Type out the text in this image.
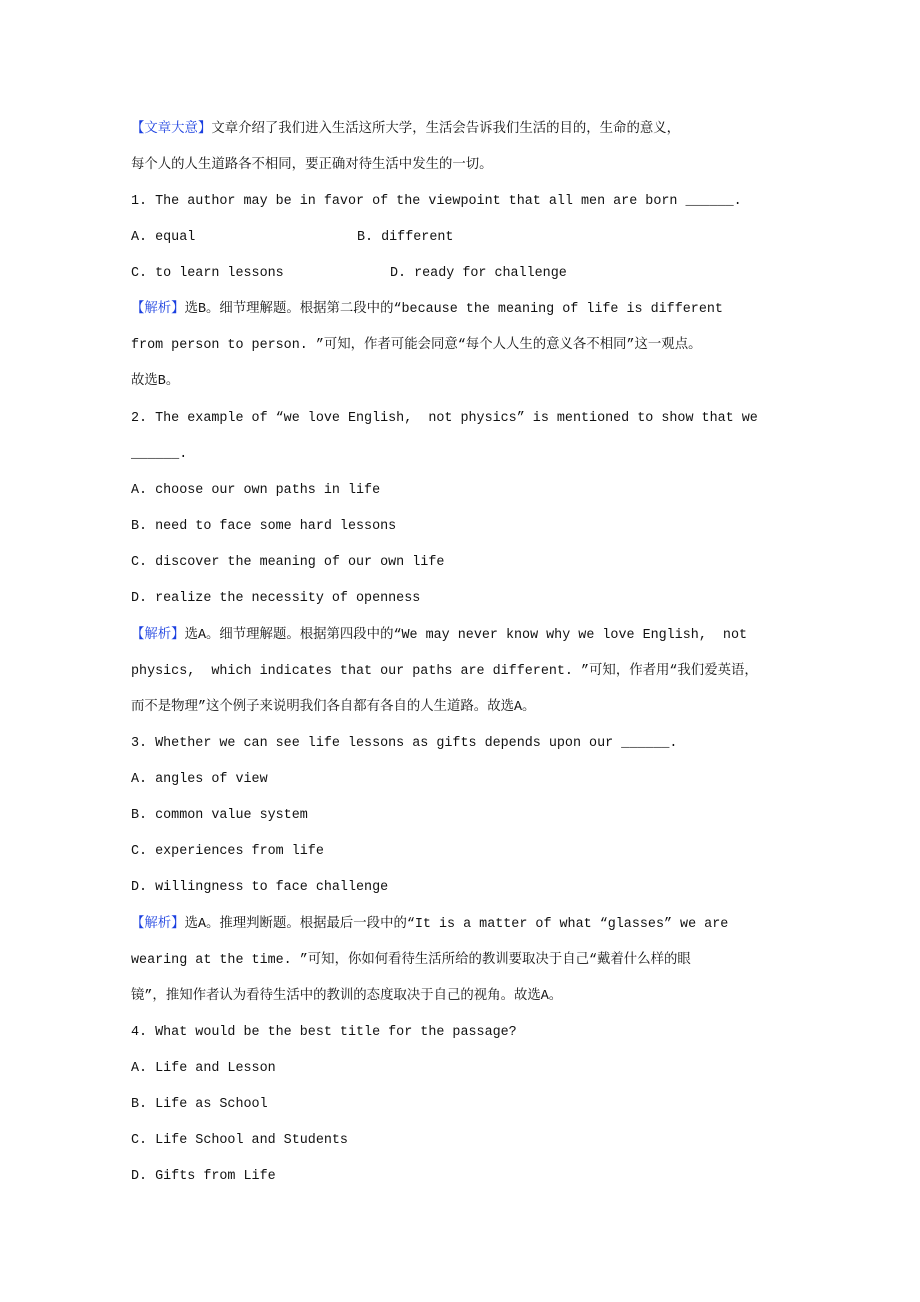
【文章大意】文章介绍了我们进入生活这所大学，生活会告诉我们生活的目的，生命的意义，
每个人的人生道路各不相同，要正确对待生活中发生的一切。
1. The author may be in favor of the viewpoint that all men are born ______.
A. equal	B. different
C. to learn lessons	D. ready for challenge
【解析】选B。细节理解题。根据第二段中的“because the meaning of life is different
from person to person. ”可知，作者可能会同意“每个人人生的意义各不相同”这一观点。
故选B。
2. The example of “we love English,  not physics” is mentioned to show that we
______.
A. choose our own paths in life
B. need to face some hard lessons
C. discover the meaning of our own life
D. realize the necessity of openness
【解析】选A。细节理解题。根据第四段中的“We may never know why we love English,  not
physics,  which indicates that our paths are different. ”可知，作者用“我们爱英语，
而不是物理”这个例子来说明我们各自都有各自的人生道路。故选A。
3. Whether we can see life lessons as gifts depends upon our ______.
A. angles of view
B. common value system
C. experiences from life
D. willingness to face challenge
【解析】选A。推理判断题。根据最后一段中的“It is a matter of what “glasses” we are
wearing at the time. ”可知，你如何看待生活所给的教训要取决于自己“戴着什么样的眼
镜”，推知作者认为看待生活中的教训的态度取决于自己的视角。故选A。
4. What would be the best title for the passage?
A. Life and Lesson
B. Life as School
C. Life School and Students
D. Gifts from Life
